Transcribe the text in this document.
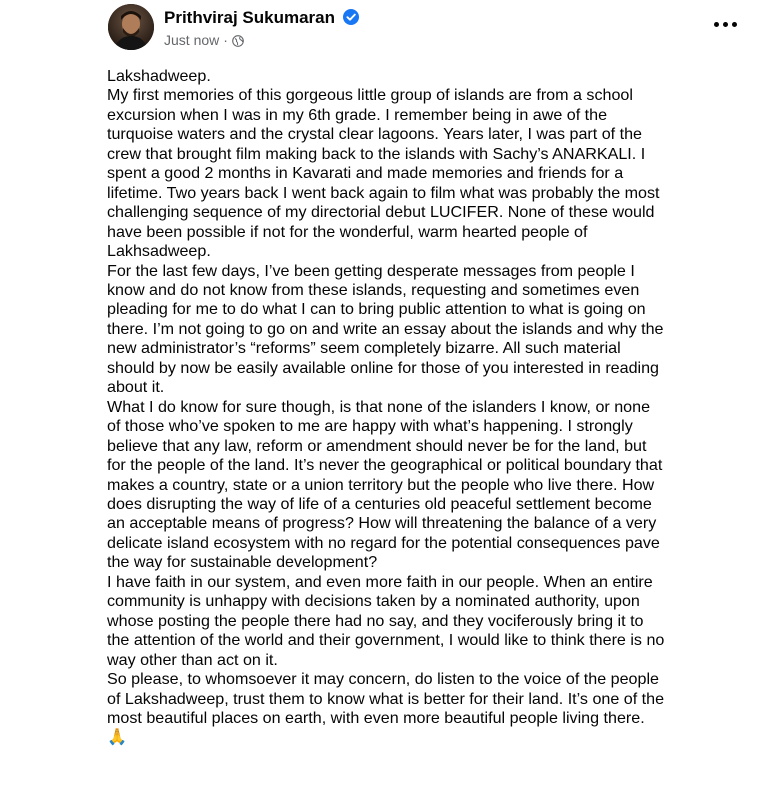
Prithviraj Sukumaran
Just now ·

Lakshadweep.

My first memories of this gorgeous little group of islands are from a school excursion when I was in my 6th grade. I remember being in awe of the turquoise waters and the crystal clear lagoons. Years later, I was part of the crew that brought film making back to the islands with Sachy’s ANARKALI. I spent a good 2 months in Kavarati and made memories and friends for a lifetime. Two years back I went back again to film what was probably the most challenging sequence of my directorial debut LUCIFER. None of these would have been possible if not for the wonderful, warm hearted people of Lakhsadweep.

For the last few days, I’ve been getting desperate messages from people I know and do not know from these islands, requesting and sometimes even pleading for me to do what I can to bring public attention to what is going on there. I’m not going to go on and write an essay about the islands and why the new administrator’s “reforms” seem completely bizarre. All such material should by now be easily available online for those of you interested in reading about it.

What I do know for sure though, is that none of the islanders I know, or none of those who’ve spoken to me are happy with what’s happening. I strongly believe that any law, reform or amendment should never be for the land, but for the people of the land. It’s never the geographical or political boundary that makes a country, state or a union territory but the people who live there. How does disrupting the way of life of a centuries old peaceful settlement become an acceptable means of progress? How will threatening the balance of a very delicate island ecosystem with no regard for the potential consequences pave the way for sustainable development?

I have faith in our system, and even more faith in our people. When an entire community is unhappy with decisions taken by a nominated authority, upon whose posting the people there had no say, and they vociferously bring it to the attention of the world and their government, I would like to think there is no way other than act on it.

So please, to whomsoever it may concern, do listen to the voice of the people of Lakshadweep, trust them to know what is better for their land. It’s one of the most beautiful places on earth, with even more beautiful people living there. 🙏
